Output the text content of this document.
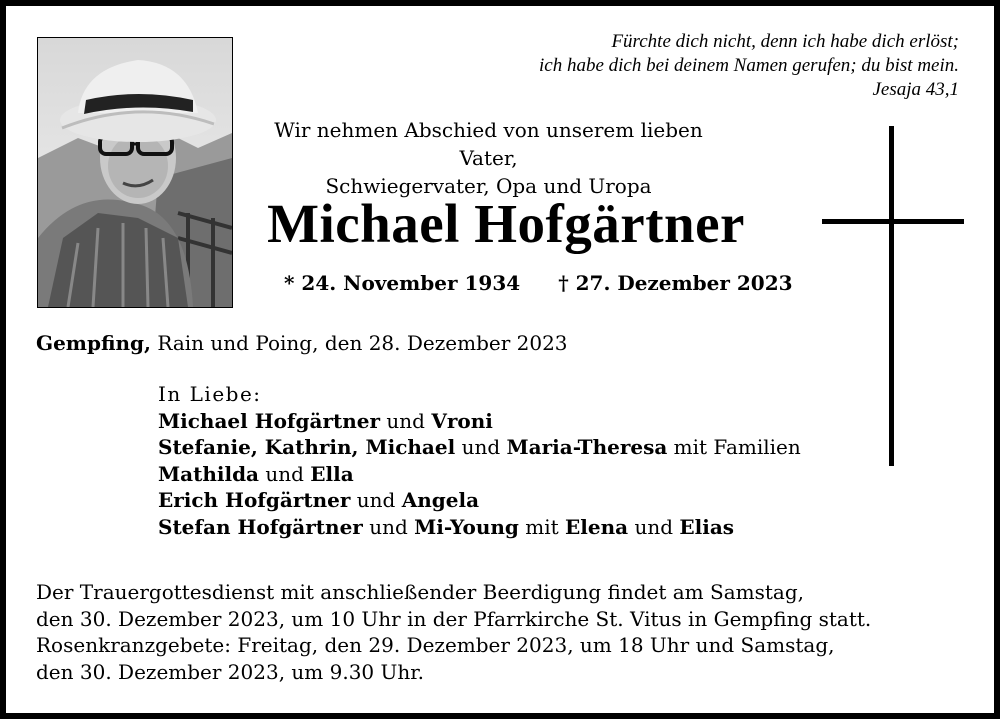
Fürchte dich nicht, denn ich habe dich erlöst;
ich habe dich bei deinem Namen gerufen; du bist mein.
Jesaja 43,1
Wir nehmen Abschied von unserem lieben Vater,
Schwiegervater, Opa und Uropa
Michael Hofgärtner
* 24. November 1934 † 27. Dezember 2023
Gempfing, Rain und Poing, den 28. Dezember 2023
In Liebe:
Michael Hofgärtner und Vroni
Stefanie, Kathrin, Michael und Maria-Theresa mit Familien
Mathilda und Ella
Erich Hofgärtner und Angela
Stefan Hofgärtner und Mi-Young mit Elena und Elias
Der Trauergottesdienst mit anschließender Beerdigung findet am Samstag,
den 30. Dezember 2023, um 10 Uhr in der Pfarrkirche St. Vitus in Gempfing statt.
Rosenkranzgebete: Freitag, den 29. Dezember 2023, um 18 Uhr und Samstag,
den 30. Dezember 2023, um 9.30 Uhr.
